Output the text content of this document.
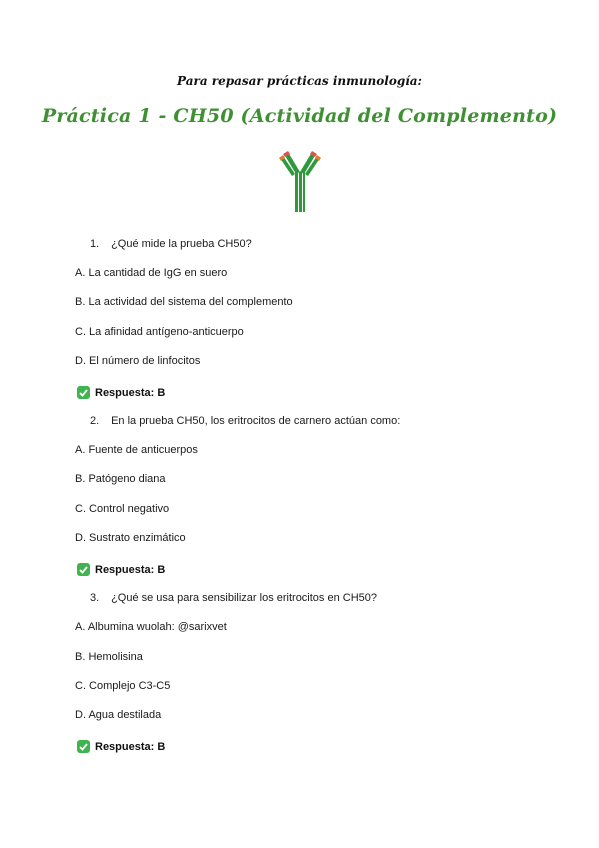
Para repasar prácticas inmunología:
Práctica 1 - CH50 (Actividad del Complemento)
1. ¿Qué mide la prueba CH50?
A. La cantidad de IgG en suero
B. La actividad del sistema del complemento
C. La afinidad antígeno-anticuerpo
D. El número de linfocitos
Respuesta: B
2. En la prueba CH50, los eritrocitos de carnero actúan como:
A. Fuente de anticuerpos
B. Patógeno diana
C. Control negativo
D. Sustrato enzimático
Respuesta: B
3. ¿Qué se usa para sensibilizar los eritrocitos en CH50?
A. Albumina wuolah: @sarixvet
B. Hemolisina
C. Complejo C3-C5
D. Agua destilada
Respuesta: B
